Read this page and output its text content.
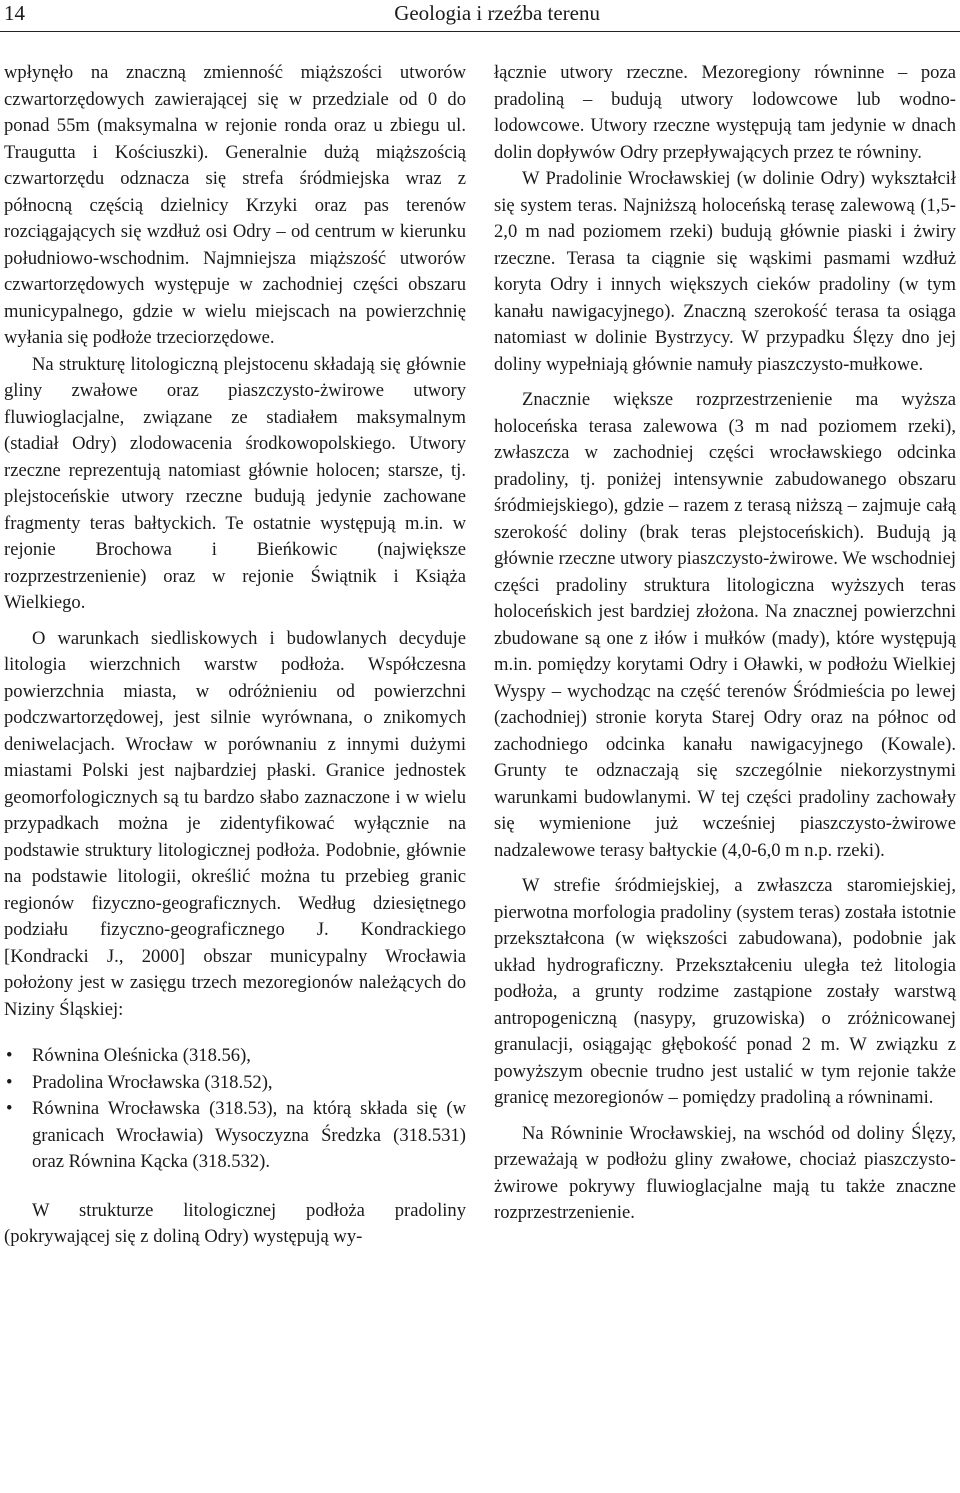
14	Geologia i rzeźba terenu

wpłynęło na znaczną zmienność miąższości utworów czwartorzędowych zawierającej się w przedziale od 0 do ponad 55m (maksymalna w rejonie ronda oraz u zbiegu ul. Traugutta i Kościuszki). Generalnie dużą miąższością czwartorzędu odznacza się strefa śródmiejska wraz z północną częścią dzielnicy Krzyki oraz pas terenów rozciągających się wzdłuż osi Odry – od centrum w kierunku południowo-wschodnim. Najmniejsza miąższość utworów czwartorzędowych występuje w zachodniej części obszaru municypalnego, gdzie w wielu miejscach na powierzchnię wyłania się podłoże trzeciorzędowe.

Na strukturę litologiczną plejstocenu składają się głównie gliny zwałowe oraz piaszczysto-żwirowe utwory fluwioglacjalne, związane ze stadiałem maksymalnym (stadiał Odry) zlodowacenia środkowopolskiego. Utwory rzeczne reprezentują natomiast głównie holocen; starsze, tj. plejstoceńskie utwory rzeczne budują jedynie zachowane fragmenty teras bałtyckich. Te ostatnie występują m.in. w rejonie Brochowa i Bieńkowic (największe rozprzestrzenienie) oraz w rejonie Świątnik i Książa Wielkiego.

O warunkach siedliskowych i budowlanych decyduje litologia wierzchnich warstw podłoża. Współczesna powierzchnia miasta, w odróżnieniu od powierzchni podczwartorzędowej, jest silnie wyrównana, o znikomych deniwelacjach. Wrocław w porównaniu z innymi dużymi miastami Polski jest najbardziej płaski. Granice jednostek geomorfologicznych są tu bardzo słabo zaznaczone i w wielu przypadkach można je zidentyfikować wyłącznie na podstawie struktury litologicznej podłoża. Podobnie, głównie na podstawie litologii, określić można tu przebieg granic regionów fizyczno-geograficznych. Według dziesiętnego podziału fizyczno-geograficznego J. Kondrackiego [Kondracki J., 2000] obszar municypalny Wrocławia położony jest w zasięgu trzech mezoregionów należących do Niziny Śląskiej:

• Równina Oleśnicka (318.56),
• Pradolina Wrocławska (318.52),
• Równina Wrocławska (318.53), na którą składa się (w granicach Wrocławia) Wysoczyzna Średzka (318.531) oraz Równina Kącka (318.532).

W strukturze litologicznej podłoża pradoliny (pokrywającej się z doliną Odry) występują wy-

łącznie utwory rzeczne. Mezoregiony równinne – poza pradoliną – budują utwory lodowcowe lub wodno-lodowcowe. Utwory rzeczne występują tam jedynie w dnach dolin dopływów Odry przepływających przez te równiny.

W Pradolinie Wrocławskiej (w dolinie Odry) wykształcił się system teras. Najniższą holoceńską terasę zalewową (1,5-2,0 m nad poziomem rzeki) budują głównie piaski i żwiry rzeczne. Terasa ta ciągnie się wąskimi pasmami wzdłuż koryta Odry i innych większych cieków pradoliny (w tym kanału nawigacyjnego). Znaczną szerokość terasa ta osiąga natomiast w dolinie Bystrzycy. W przypadku Ślęzy dno jej doliny wypełniają głównie namuły piaszczysto-mułkowe.

Znacznie większe rozprzestrzenienie ma wyższa holoceńska terasa zalewowa (3 m nad poziomem rzeki), zwłaszcza w zachodniej części wrocławskiego odcinka pradoliny, tj. poniżej intensywnie zabudowanego obszaru śródmiejskiego), gdzie – razem z terasą niższą – zajmuje całą szerokość doliny (brak teras plejstoceńskich). Budują ją głównie rzeczne utwory piaszczysto-żwirowe. We wschodniej części pradoliny struktura litologiczna wyższych teras holoceńskich jest bardziej złożona. Na znacznej powierzchni zbudowane są one z iłów i mułków (mady), które występują m.in. pomiędzy korytami Odry i Oławki, w podłożu Wielkiej Wyspy – wychodząc na część terenów Śródmieścia po lewej (zachodniej) stronie koryta Starej Odry oraz na północ od zachodniego odcinka kanału nawigacyjnego (Kowale). Grunty te odznaczają się szczególnie niekorzystnymi warunkami budowlanymi. W tej części pradoliny zachowały się wymienione już wcześniej piaszczysto-żwirowe nadzalewowe terasy bałtyckie (4,0-6,0 m n.p. rzeki).

W strefie śródmiejskiej, a zwłaszcza staromiejskiej, pierwotna morfologia pradoliny (system teras) została istotnie przekształcona (w większości zabudowana), podobnie jak układ hydrograficzny. Przekształceniu uległa też litologia podłoża, a grunty rodzime zastąpione zostały warstwą antropogeniczną (nasypy, gruzowiska) o zróżnicowanej granulacji, osiągając głębokość ponad 2 m. W związku z powyższym obecnie trudno jest ustalić w tym rejonie także granicę mezoregionów – pomiędzy pradoliną a równinami.

Na Równinie Wrocławskiej, na wschód od doliny Ślęzy, przeważają w podłożu gliny zwałowe, chociaż piaszczysto-żwirowe pokrywy fluwioglacjalne mają tu także znaczne rozprzestrzenienie.
